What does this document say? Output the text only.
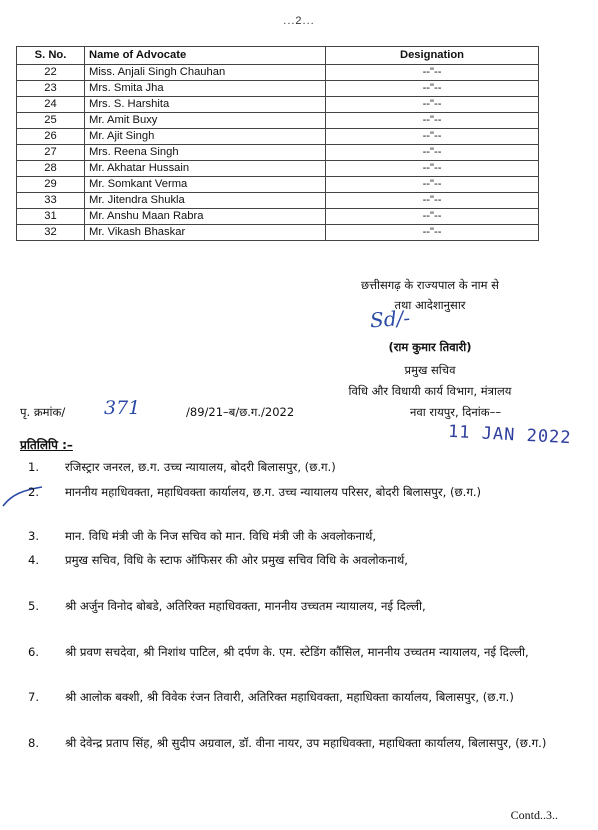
...2...
S. No.	Name of Advocate	Designation
22	Miss. Anjali Singh Chauhan	--"--
23	Mrs. Smita Jha	--"--
24	Mrs. S. Harshita	--"--
25	Mr. Amit Buxy	--"--
26	Mr. Ajit Singh	--"--
27	Mrs. Reena Singh	--"--
28	Mr. Akhatar Hussain	--"--
29	Mr. Somkant Verma	--"--
33	Mr. Jitendra Shukla	--"--
31	Mr. Anshu Maan Rabra	--"--
32	Mr. Vikash Bhaskar	--"--
छत्तीसगढ़ के राज्यपाल के नाम से
तथा आदेशानुसार
(राम कुमार तिवारी)
प्रमुख सचिव
विधि और विधायी कार्य विभाग, मंत्रालय
Sd/-
पृ. क्रमांक/ 371	/89/21–ब/छ.ग./2022	नवा रायपुर, दिनांक––
11 JAN 2022
प्रतिलिपि :–
1.	रजिस्ट्रार जनरल, छ.ग. उच्च न्यायालय, बोदरी बिलासपुर, (छ.ग.)
2.	माननीय महाधिवक्ता, महाधिवक्ता कार्यालय, छ.ग. उच्च न्यायालय परिसर, बोदरी बिलासपुर, (छ.ग.)
3.	मान. विधि मंत्री जी के निज सचिव को मान. विधि मंत्री जी के अवलोकनार्थ,
4.	प्रमुख सचिव, विधि के स्टाफ ऑफिसर की ओर प्रमुख सचिव विधि के अवलोकनार्थ,
5.	श्री अर्जुन विनोद बोबडे, अतिरिक्त महाधिवक्ता, माननीय उच्चतम न्यायालय, नई दिल्ली,
6.	श्री प्रवण सचदेवा, श्री निशांथ पाटिल, श्री दर्पण के. एम. स्टेडिंग कौंसिल, माननीय उच्चतम न्यायालय, नई दिल्ली,
7.	श्री आलोक बक्शी, श्री विवेक रंजन तिवारी, अतिरिक्त महाधिवक्ता, महाधिक्ता कार्यालय, बिलासपुर, (छ.ग.)
8.	श्री देवेन्द्र प्रताप सिंह, श्री सुदीप अग्रवाल, डॉ. वीना नायर, उप महाधिवक्ता, महाधिक्ता कार्यालय, बिलासपुर, (छ.ग.)
Contd..3..
